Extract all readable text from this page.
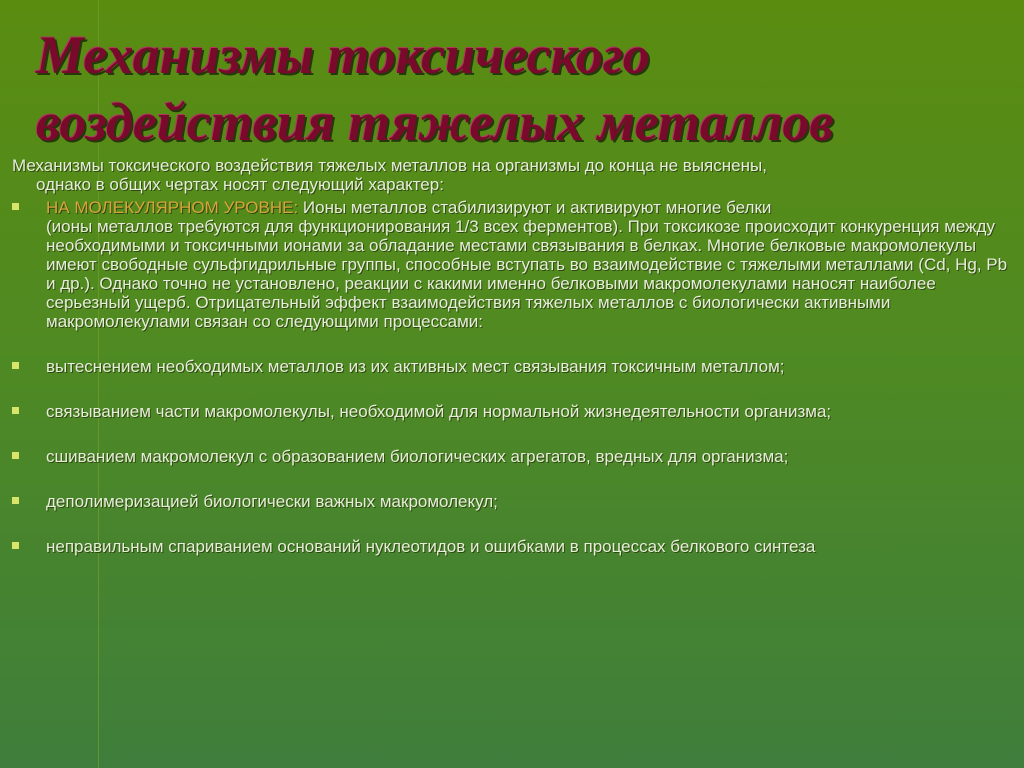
Механизмы токсического
воздействия тяжелых металлов

Механизмы токсического воздействия тяжелых металлов на организмы до конца не выяснены,
однако в общих чертах носят следующий характер:

НА МОЛЕКУЛЯРНОМ УРОВНЕ: Ионы металлов стабилизируют и активируют многие белки
(ионы металлов требуются для функционирования 1/3 всех ферментов). При токсикозе происходит конкуренция между необходимыми и токсичными ионами за обладание местами связывания в белках. Многие белковые макромолекулы имеют свободные сульфгидрильные группы, способные вступать во взаимодействие с тяжелыми металлами (Cd, Hg, Pb и др.). Однако точно не установлено, реакции с какими именно белковыми макромолекулами наносят наиболее серьезный ущерб. Отрицательный эффект взаимодействия тяжелых металлов с биологически активными макромолекулами связан со следующими процессами:
вытеснением необходимых металлов из их активных мест связывания токсичным металлом;
связыванием части макромолекулы, необходимой для нормальной жизнедеятельности организма;
сшиванием макромолекул с образованием биологических агрегатов, вредных для организма;
деполимеризацией биологически важных макромолекул;
неправильным спариванием оснований нуклеотидов и ошибками в процессах белкового синтеза
